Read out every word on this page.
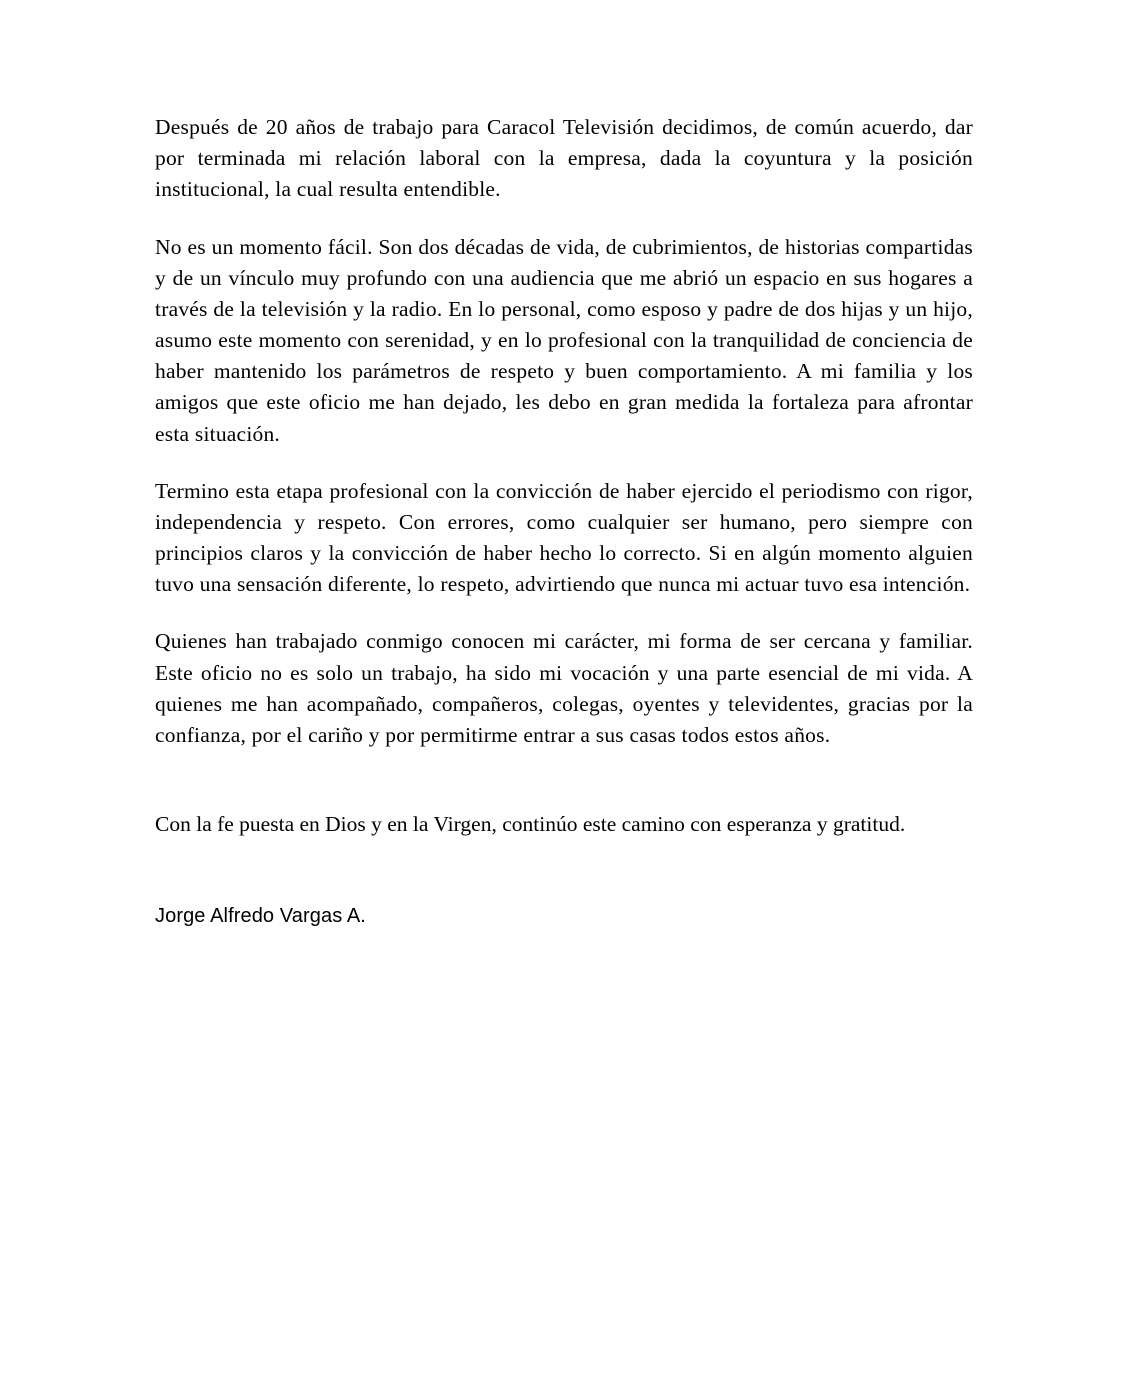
Después de 20 años de trabajo para Caracol Televisión decidimos, de común acuerdo, dar por terminada mi relación laboral con la empresa, dada la coyuntura y la posición institucional, la cual resulta entendible.

No es un momento fácil. Son dos décadas de vida, de cubrimientos, de historias compartidas y de un vínculo muy profundo con una audiencia que me abrió un espacio en sus hogares a través de la televisión y la radio. En lo personal, como esposo y padre de dos hijas y un hijo, asumo este momento con serenidad, y en lo profesional con la tranquilidad de conciencia de haber mantenido los parámetros de respeto y buen comportamiento. A mi familia y los amigos que este oficio me han dejado, les debo en gran medida la fortaleza para afrontar esta situación.

Termino esta etapa profesional con la convicción de haber ejercido el periodismo con rigor, independencia y respeto. Con errores, como cualquier ser humano, pero siempre con principios claros y la convicción de haber hecho lo correcto. Si en algún momento alguien tuvo una sensación diferente, lo respeto, advirtiendo que nunca mi actuar tuvo esa intención.

Quienes han trabajado conmigo conocen mi carácter, mi forma de ser cercana y familiar. Este oficio no es solo un trabajo, ha sido mi vocación y una parte esencial de mi vida. A quienes me han acompañado, compañeros, colegas, oyentes y televidentes, gracias por la confianza, por el cariño y por permitirme entrar a sus casas todos estos años.

Con la fe puesta en Dios y en la Virgen, continúo este camino con esperanza y gratitud.

Jorge Alfredo Vargas A.
